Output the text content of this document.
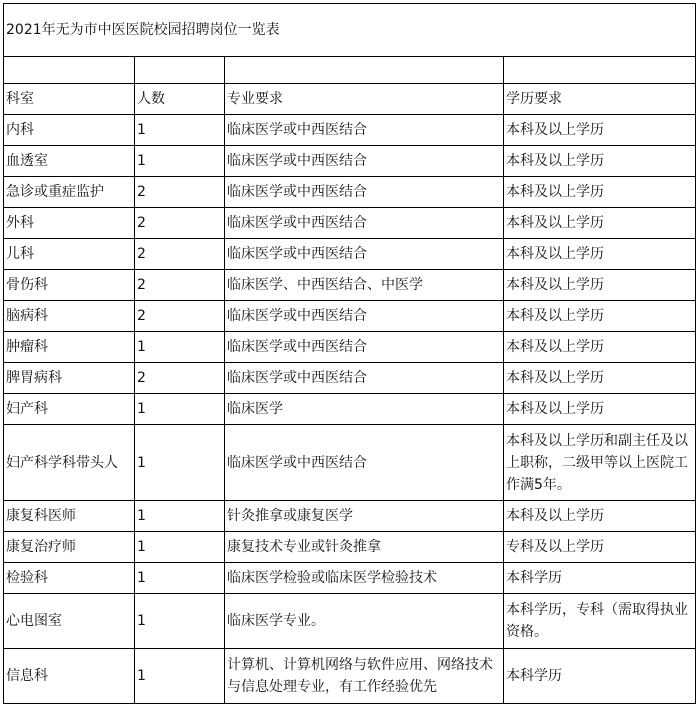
2021年无为市中医医院校园招聘岗位一览表			

科室	人数	专业要求	学历要求
内科	1	临床医学或中西医结合	本科及以上学历
血透室	1	临床医学或中西医结合	本科及以上学历
急诊或重症监护	2	临床医学或中西医结合	本科及以上学历
外科	2	临床医学或中西医结合	本科及以上学历
儿科	2	临床医学或中西医结合	本科及以上学历
骨伤科	2	临床医学、中西医结合、中医学	本科及以上学历
脑病科	2	临床医学或中西医结合	本科及以上学历
肿瘤科	1	临床医学或中西医结合	本科及以上学历
脾胃病科	2	临床医学或中西医结合	本科及以上学历
妇产科	1	临床医学	本科及以上学历
妇产科学科带头人	1	临床医学或中西医结合	本科及以上学历和副主任及以上职称，二级甲等以上医院工作满5年。
康复科医师	1	针灸推拿或康复医学	本科及以上学历
康复治疗师	1	康复技术专业或针灸推拿	专科及以上学历
检验科	1	临床医学检验或临床医学检验技术	本科学历
心电图室	1	临床医学专业。	本科学历，专科（需取得执业资格。
信息科	1	计算机、计算机网络与软件应用、网络技术与信息处理专业，有工作经验优先	本科学历
